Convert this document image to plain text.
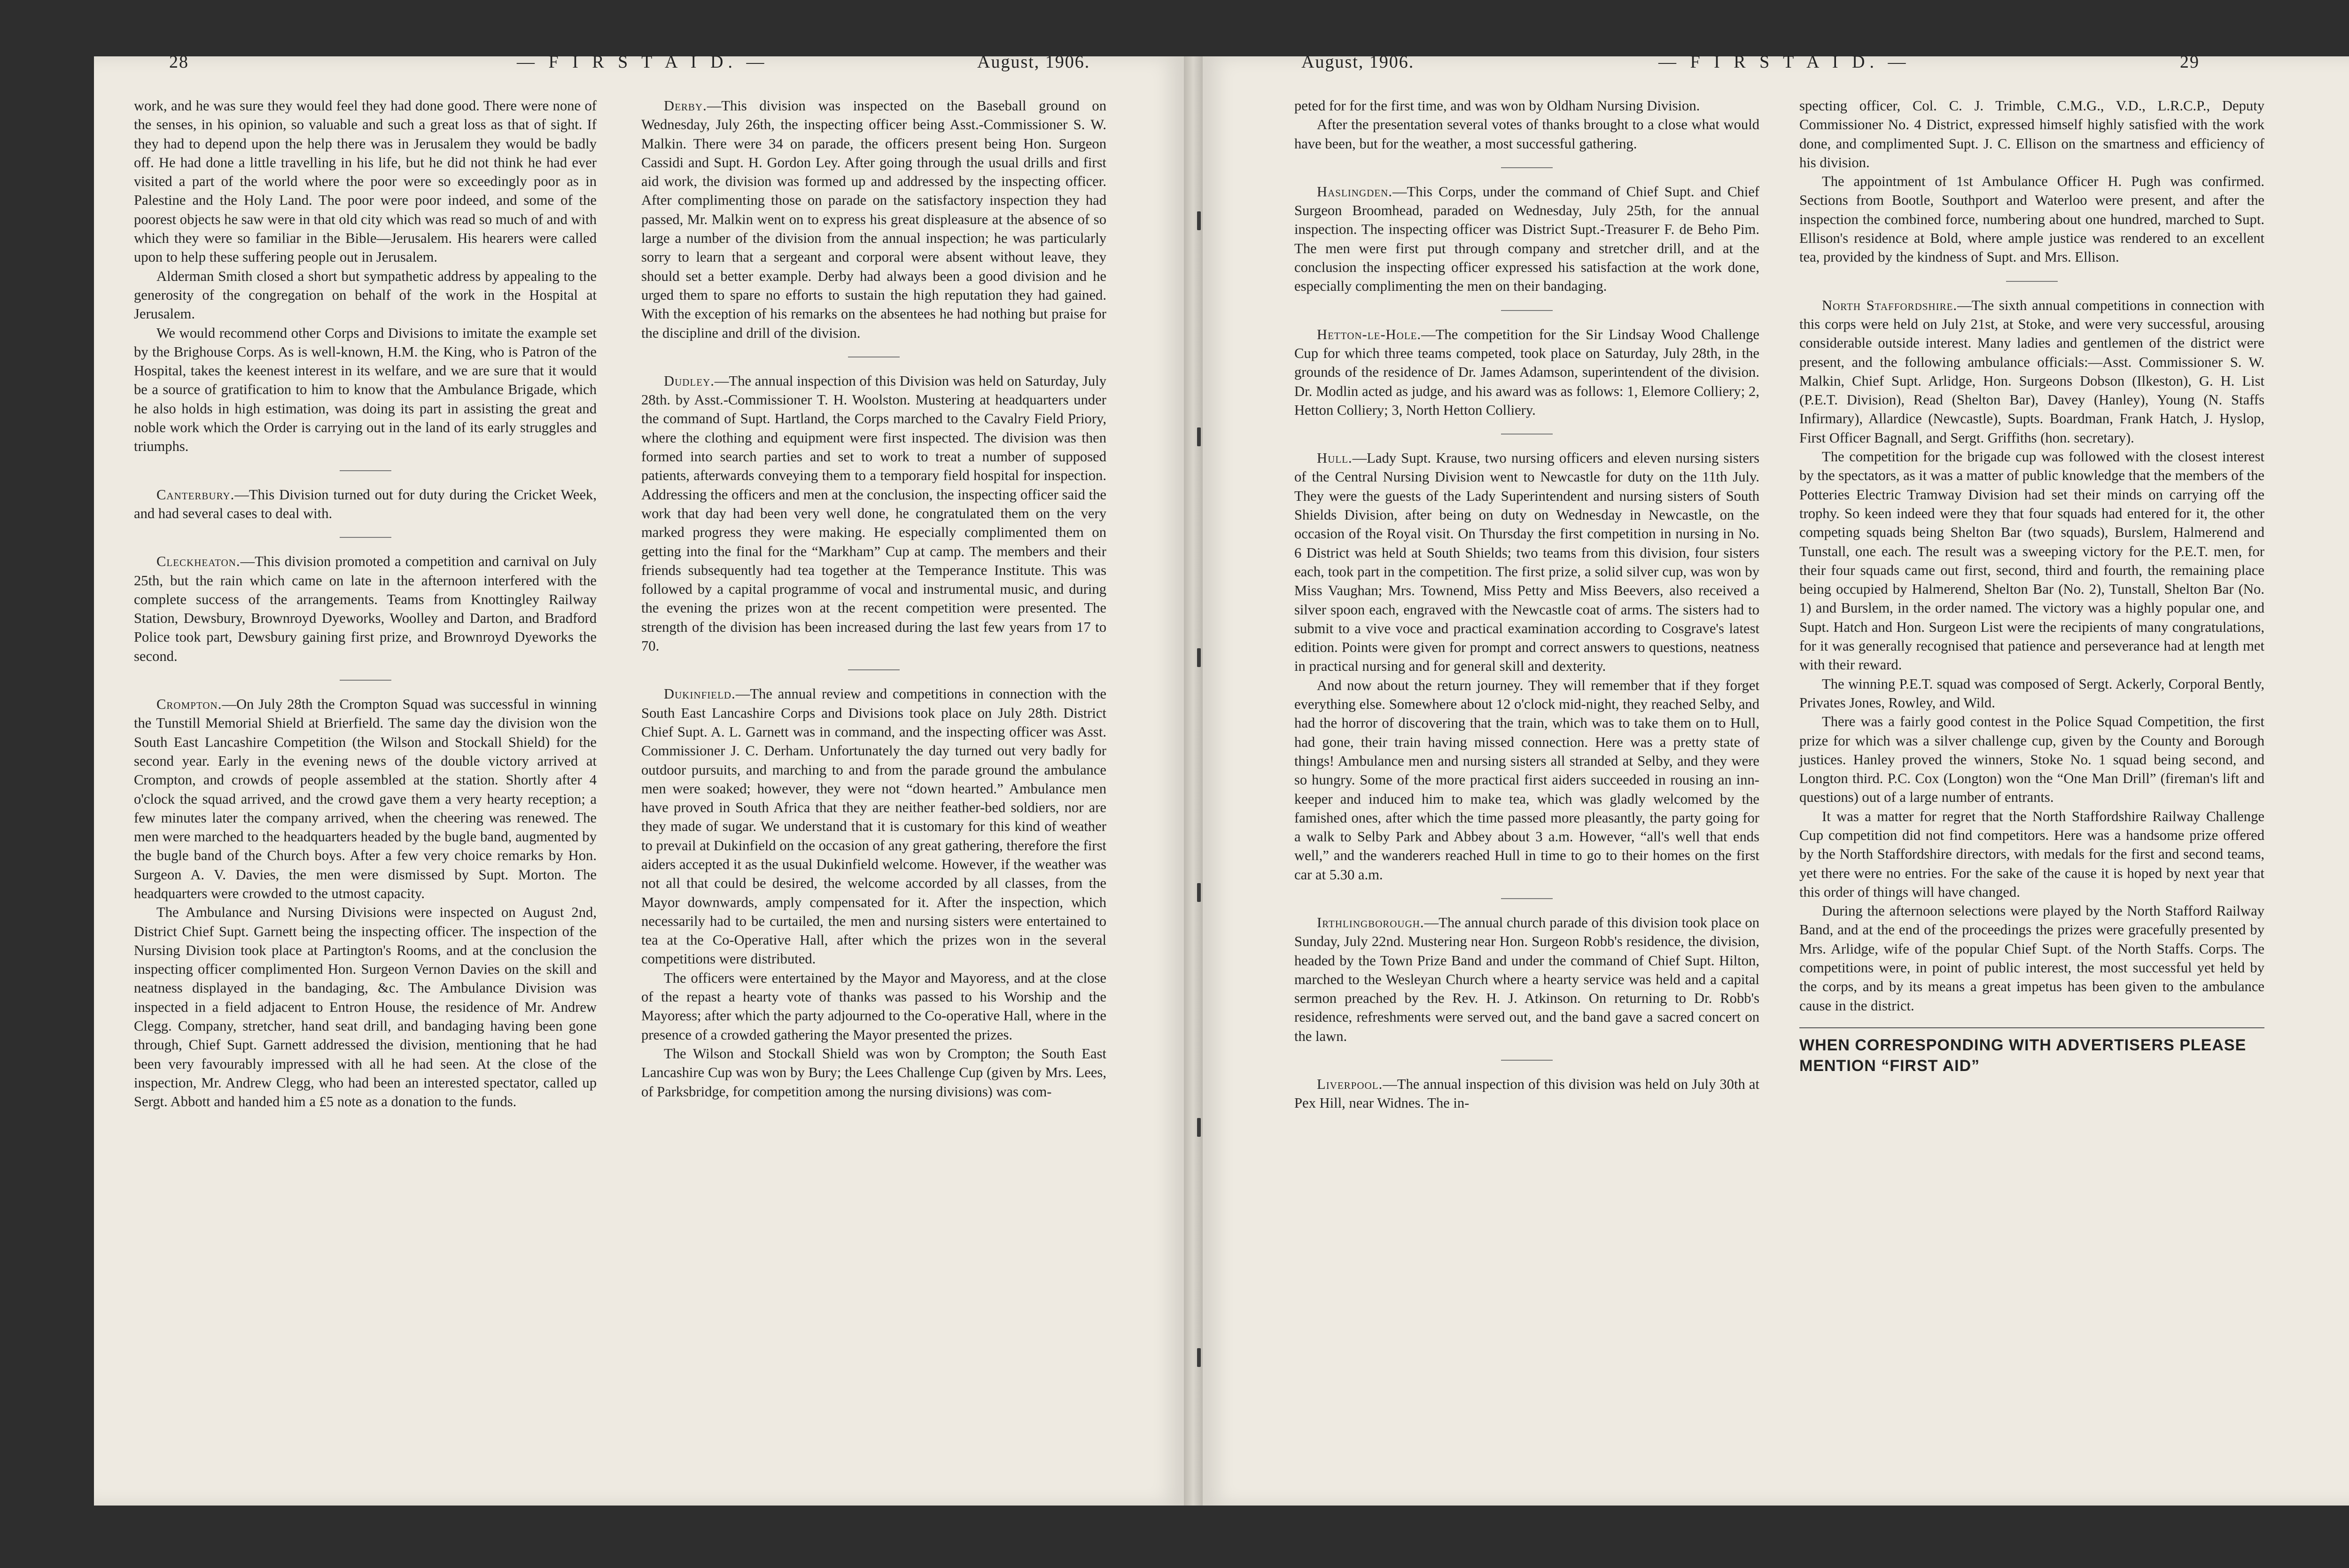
28	— F I R S T A I D. —	August, 1906.	August, 1906.	— F I R S T A I D. —	29

work, and he was sure they would feel they had done good. There were none of the senses, in his opinion, so valuable and such a great loss as that of sight. If they had to depend upon the help there was in Jerusalem they would be badly off. He had done a little travelling in his life, but he did not think he had ever visited a part of the world where the poor were so exceedingly poor as in Palestine and the Holy Land. The poor were poor indeed, and some of the poorest objects he saw were in that old city which was read so much of and with which they were so familiar in the Bible—Jerusalem. His hearers were called upon to help these suffering people out in Jerusalem.

Alderman Smith closed a short but sympathetic address by appealing to the generosity of the congregation on behalf of the work in the Hospital at Jerusalem.

We would recommend other Corps and Divisions to imitate the example set by the Brighouse Corps. As is well-known, H.M. the King, who is Patron of the Hospital, takes the keenest interest in its welfare, and we are sure that it would be a source of gratification to him to know that the Ambulance Brigade, which he also holds in high estimation, was doing its part in assisting the great and noble work which the Order is carrying out in the land of its early struggles and triumphs.

Canterbury.—This Division turned out for duty during the Cricket Week, and had several cases to deal with.

Cleckheaton.—This division promoted a competition and carnival on July 25th, but the rain which came on late in the afternoon interfered with the complete success of the arrangements. Teams from Knottingley Railway Station, Dewsbury, Brownroyd Dyeworks, Woolley and Darton, and Bradford Police took part, Dewsbury gaining first prize, and Brownroyd Dyeworks the second.

Crompton.—On July 28th the Crompton Squad was successful in winning the Tunstill Memorial Shield at Brierfield. The same day the division won the South East Lancashire Competition (the Wilson and Stockall Shield) for the second year. Early in the evening news of the double victory arrived at Crompton, and crowds of people assembled at the station. Shortly after 4 o'clock the squad arrived, and the crowd gave them a very hearty reception; a few minutes later the company arrived, when the cheering was renewed. The men were marched to the headquarters headed by the bugle band, augmented by the bugle band of the Church boys. After a few very choice remarks by Hon. Surgeon A. V. Davies, the men were dismissed by Supt. Morton. The headquarters were crowded to the utmost capacity.

The Ambulance and Nursing Divisions were inspected on August 2nd, District Chief Supt. Garnett being the inspecting officer. The inspection of the Nursing Division took place at Partington's Rooms, and at the conclusion the inspecting officer complimented Hon. Surgeon Vernon Davies on the skill and neatness displayed in the bandaging, &c. The Ambulance Division was inspected in a field adjacent to Entron House, the residence of Mr. Andrew Clegg. Company, stretcher, hand seat drill, and bandaging having been gone through, Chief Supt. Garnett addressed the division, mentioning that he had been very favourably impressed with all he had seen. At the close of the inspection, Mr. Andrew Clegg, who had been an interested spectator, called up Sergt. Abbott and handed him a £5 note as a donation to the funds.

Derby.—This division was inspected on the Baseball ground on Wednesday, July 26th, the inspecting officer being Asst.-Commissioner S. W. Malkin. There were 34 on parade, the officers present being Hon. Surgeon Cassidi and Supt. H. Gordon Ley. After going through the usual drills and first aid work, the division was formed up and addressed by the inspecting officer. After complimenting those on parade on the satisfactory inspection they had passed, Mr. Malkin went on to express his great displeasure at the absence of so large a number of the division from the annual inspection; he was particularly sorry to learn that a sergeant and corporal were absent without leave, they should set a better example. Derby had always been a good division and he urged them to spare no efforts to sustain the high reputation they had gained. With the exception of his remarks on the absentees he had nothing but praise for the discipline and drill of the division.

Dudley.—The annual inspection of this Division was held on Saturday, July 28th. by Asst.-Commissioner T. H. Woolston. Mustering at headquarters under the command of Supt. Hartland, the Corps marched to the Cavalry Field Priory, where the clothing and equipment were first inspected. The division was then formed into search parties and set to work to treat a number of supposed patients, afterwards conveying them to a temporary field hospital for inspection. Addressing the officers and men at the conclusion, the inspecting officer said the work that day had been very well done, he congratulated them on the very marked progress they were making. He especially complimented them on getting into the final for the “Markham” Cup at camp. The members and their friends subsequently had tea together at the Temperance Institute. This was followed by a capital programme of vocal and instrumental music, and during the evening the prizes won at the recent competition were presented. The strength of the division has been increased during the last few years from 17 to 70.

Dukinfield.—The annual review and competitions in connection with the South East Lancashire Corps and Divisions took place on July 28th. District Chief Supt. A. L. Garnett was in command, and the inspecting officer was Asst. Commissioner J. C. Derham. Unfortunately the day turned out very badly for outdoor pursuits, and marching to and from the parade ground the ambulance men were soaked; however, they were not “down hearted.” Ambulance men have proved in South Africa that they are neither feather-bed soldiers, nor are they made of sugar. We understand that it is customary for this kind of weather to prevail at Dukinfield on the occasion of any great gathering, therefore the first aiders accepted it as the usual Dukinfield welcome. However, if the weather was not all that could be desired, the welcome accorded by all classes, from the Mayor downwards, amply compensated for it. After the inspection, which necessarily had to be curtailed, the men and nursing sisters were entertained to tea at the Co-Operative Hall, after which the prizes won in the several competitions were distributed.

The officers were entertained by the Mayor and Mayoress, and at the close of the repast a hearty vote of thanks was passed to his Worship and the Mayoress; after which the party adjourned to the Co-operative Hall, where in the presence of a crowded gathering the Mayor presented the prizes.

The Wilson and Stockall Shield was won by Crompton; the South East Lancashire Cup was won by Bury; the Lees Challenge Cup (given by Mrs. Lees, of Parksbridge, for competition among the nursing divisions) was com-

peted for for the first time, and was won by Oldham Nursing Division.

After the presentation several votes of thanks brought to a close what would have been, but for the weather, a most successful gathering.

Haslingden.—This Corps, under the command of Chief Supt. and Chief Surgeon Broomhead, paraded on Wednesday, July 25th, for the annual inspection. The inspecting officer was District Supt.-Treasurer F. de Beho Pim. The men were first put through company and stretcher drill, and at the conclusion the inspecting officer expressed his satisfaction at the work done, especially complimenting the men on their bandaging.

Hetton-le-Hole.—The competition for the Sir Lindsay Wood Challenge Cup for which three teams competed, took place on Saturday, July 28th, in the grounds of the residence of Dr. James Adamson, superintendent of the division. Dr. Modlin acted as judge, and his award was as follows: 1, Elemore Colliery; 2, Hetton Colliery; 3, North Hetton Colliery.

Hull.—Lady Supt. Krause, two nursing officers and eleven nursing sisters of the Central Nursing Division went to Newcastle for duty on the 11th July. They were the guests of the Lady Superintendent and nursing sisters of South Shields Division, after being on duty on Wednesday in Newcastle, on the occasion of the Royal visit. On Thursday the first competition in nursing in No. 6 District was held at South Shields; two teams from this division, four sisters each, took part in the competition. The first prize, a solid silver cup, was won by Miss Vaughan; Mrs. Townend, Miss Petty and Miss Beevers, also received a silver spoon each, engraved with the Newcastle coat of arms. The sisters had to submit to a vive voce and practical examination according to Cosgrave's latest edition. Points were given for prompt and correct answers to questions, neatness in practical nursing and for general skill and dexterity.

And now about the return journey. They will remember that if they forget everything else. Somewhere about 12 o'clock mid-night, they reached Selby, and had the horror of discovering that the train, which was to take them on to Hull, had gone, their train having missed connection. Here was a pretty state of things! Ambulance men and nursing sisters all stranded at Selby, and they were so hungry. Some of the more practical first aiders succeeded in rousing an inn-keeper and induced him to make tea, which was gladly welcomed by the famished ones, after which the time passed more pleasantly, the party going for a walk to Selby Park and Abbey about 3 a.m. However, “all's well that ends well,” and the wanderers reached Hull in time to go to their homes on the first car at 5.30 a.m.

Irthlingborough.—The annual church parade of this division took place on Sunday, July 22nd. Mustering near Hon. Surgeon Robb's residence, the division, headed by the Town Prize Band and under the command of Chief Supt. Hilton, marched to the Wesleyan Church where a hearty service was held and a capital sermon preached by the Rev. H. J. Atkinson. On returning to Dr. Robb's residence, refreshments were served out, and the band gave a sacred concert on the lawn.

Liverpool.—The annual inspection of this division was held on July 30th at Pex Hill, near Widnes. The in-

specting officer, Col. C. J. Trimble, C.M.G., V.D., L.R.C.P., Deputy Commissioner No. 4 District, expressed himself highly satisfied with the work done, and complimented Supt. J. C. Ellison on the smartness and efficiency of his division.

The appointment of 1st Ambulance Officer H. Pugh was confirmed. Sections from Bootle, Southport and Waterloo were present, and after the inspection the combined force, numbering about one hundred, marched to Supt. Ellison's residence at Bold, where ample justice was rendered to an excellent tea, provided by the kindness of Supt. and Mrs. Ellison.

North Staffordshire.—The sixth annual competitions in connection with this corps were held on July 21st, at Stoke, and were very successful, arousing considerable outside interest. Many ladies and gentlemen of the district were present, and the following ambulance officials:—Asst. Commissioner S. W. Malkin, Chief Supt. Arlidge, Hon. Surgeons Dobson (Ilkeston), G. H. List (P.E.T. Division), Read (Shelton Bar), Davey (Hanley), Young (N. Staffs Infirmary), Allardice (Newcastle), Supts. Boardman, Frank Hatch, J. Hyslop, First Officer Bagnall, and Sergt. Griffiths (hon. secretary).

The competition for the brigade cup was followed with the closest interest by the spectators, as it was a matter of public knowledge that the members of the Potteries Electric Tramway Division had set their minds on carrying off the trophy. So keen indeed were they that four squads had entered for it, the other competing squads being Shelton Bar (two squads), Burslem, Halmerend and Tunstall, one each. The result was a sweeping victory for the P.E.T. men, for their four squads came out first, second, third and fourth, the remaining place being occupied by Halmerend, Shelton Bar (No. 2), Tunstall, Shelton Bar (No. 1) and Burslem, in the order named. The victory was a highly popular one, and Supt. Hatch and Hon. Surgeon List were the recipients of many congratulations, for it was generally recognised that patience and perseverance had at length met with their reward.

The winning P.E.T. squad was composed of Sergt. Ackerly, Corporal Bently, Privates Jones, Rowley, and Wild.

There was a fairly good contest in the Police Squad Competition, the first prize for which was a silver challenge cup, given by the County and Borough justices. Hanley proved the winners, Stoke No. 1 squad being second, and Longton third. P.C. Cox (Longton) won the “One Man Drill” (fireman's lift and questions) out of a large number of entrants.

It was a matter for regret that the North Staffordshire Railway Challenge Cup competition did not find competitors. Here was a handsome prize offered by the North Staffordshire directors, with medals for the first and second teams, yet there were no entries. For the sake of the cause it is hoped by next year that this order of things will have changed.

During the afternoon selections were played by the North Stafford Railway Band, and at the end of the proceedings the prizes were gracefully presented by Mrs. Arlidge, wife of the popular Chief Supt. of the North Staffs. Corps. The competitions were, in point of public interest, the most successful yet held by the corps, and by its means a great impetus has been given to the ambulance cause in the district.

WHEN CORRESPONDING WITH ADVERTISERS PLEASE MENTION “FIRST AID”
